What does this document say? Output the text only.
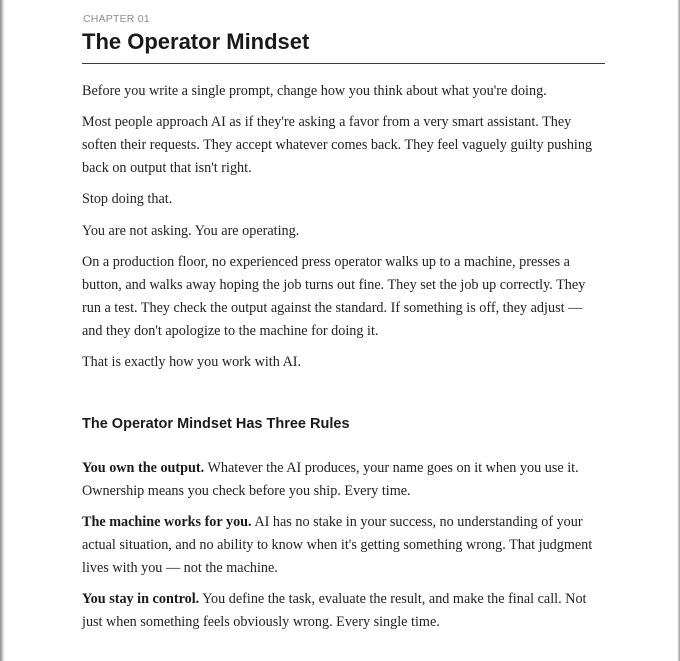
CHAPTER 01
The Operator Mindset

Before you write a single prompt, change how you think about what you're doing.

Most people approach AI as if they're asking a favor from a very smart assistant. They soften their requests. They accept whatever comes back. They feel vaguely guilty pushing back on output that isn't right.

Stop doing that.

You are not asking. You are operating.

On a production floor, no experienced press operator walks up to a machine, presses a button, and walks away hoping the job turns out fine. They set the job up correctly. They run a test. They check the output against the standard. If something is off, they adjust — and they don't apologize to the machine for doing it.

That is exactly how you work with AI.

The Operator Mindset Has Three Rules

You own the output. Whatever the AI produces, your name goes on it when you use it. Ownership means you check before you ship. Every time.

The machine works for you. AI has no stake in your success, no understanding of your actual situation, and no ability to know when it's getting something wrong. That judgment lives with you — not the machine.

You stay in control. You define the task, evaluate the result, and make the final call. Not just when something feels obviously wrong. Every single time.
